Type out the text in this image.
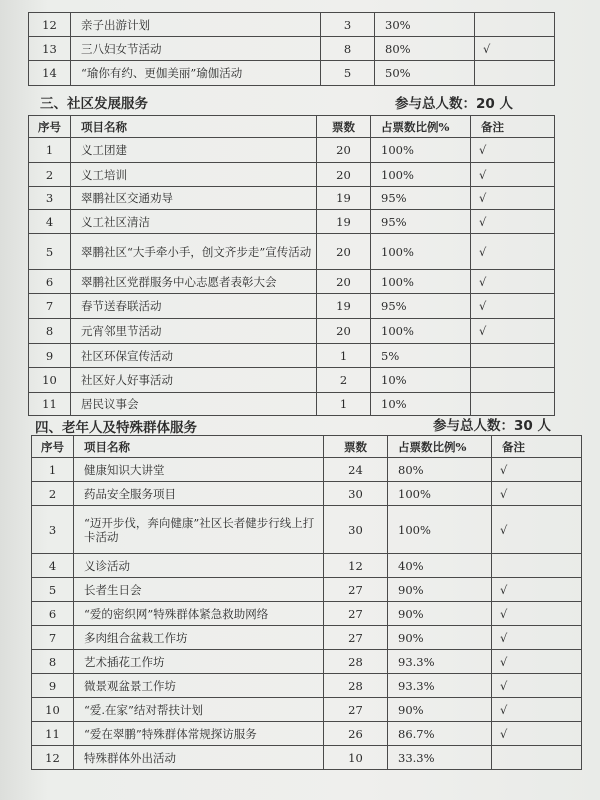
12	亲子出游计划	3	30%	
13	三八妇女节活动	8	80%	√
14	“瑜你有约、更伽美丽”瑜伽活动	5	50%	
三、社区发展服务	参与总人数：20 人
序号	项目名称	票数	占票数比例%	备注
1	义工团建	20	100%	√
2	义工培训	20	100%	√
3	翠鹏社区交通劝导	19	95%	√
4	义工社区清洁	19	95%	√
5	翠鹏社区“大手牵小手，创文齐步走”宣传活动	20	100%	√
6	翠鹏社区党群服务中心志愿者表彰大会	20	100%	√
7	春节送春联活动	19	95%	√
8	元宵邻里节活动	20	100%	√
9	社区环保宣传活动	1	5%	
10	社区好人好事活动	2	10%	
11	居民议事会	1	10%	
四、老年人及特殊群体服务	参与总人数：30 人
序号	项目名称	票数	占票数比例%	备注
1	健康知识大讲堂	24	80%	√
2	药品安全服务项目	30	100%	√
3	“迈开步伐，奔向健康”社区长者健步行线上打卡活动	30	100%	√
4	义诊活动	12	40%	
5	长者生日会	27	90%	√
6	“爱的密织网”特殊群体紧急救助网络	27	90%	√
7	多肉组合盆栽工作坊	27	90%	√
8	艺术插花工作坊	28	93.3%	√
9	微景观盆景工作坊	28	93.3%	√
10	“爱.在家”结对帮扶计划	27	90%	√
11	“爱在翠鹏”特殊群体常规探访服务	26	86.7%	√
12	特殊群体外出活动	10	33.3%	
